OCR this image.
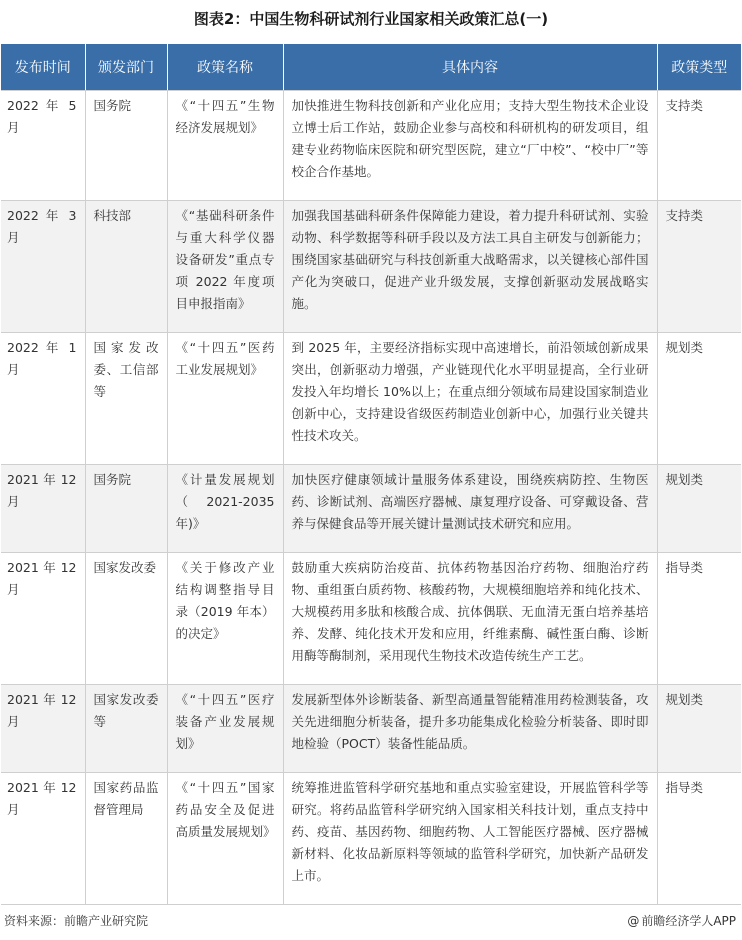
图表2：中国生物科研试剂行业国家相关政策汇总(一)
发布时间	颁发部门	政策名称	具体内容	政策类型
2022 年 5 月	国务院	《“十四五”生物经济发展规划》	加快推进生物科技创新和产业化应用；支持大型生物技术企业设立博士后工作站，鼓励企业参与高校和科研机构的研发项目，组建专业药物临床医院和研究型医院，建立“厂中校”、“校中厂”等校企合作基地。	支持类
2022 年 3 月	科技部	《“基础科研条件与重大科学仪器设备研发”重点专项 2022 年度项目申报指南》	加强我国基础科研条件保障能力建设，着力提升科研试剂、实验动物、科学数据等科研手段以及方法工具自主研发与创新能力；围绕国家基础研究与科技创新重大战略需求，以关键核心部件国产化为突破口，促进产业升级发展，支撑创新驱动发展战略实施。	支持类
2022 年 1 月	国家发改委、工信部等	《“十四五”医药工业发展规划》	到 2025 年，主要经济指标实现中高速增长，前沿领域创新成果突出，创新驱动力增强，产业链现代化水平明显提高，全行业研发投入年均增长 10%以上；在重点细分领域布局建设国家制造业创新中心，支持建设省级医药制造业创新中心，加强行业关键共性技术攻关。	规划类
2021 年 12 月	国务院	《计量发展规划（ 2021-2035 年)》	加快医疗健康领域计量服务体系建设，围绕疾病防控、生物医药、诊断试剂、高端医疗器械、康复理疗设备、可穿戴设备、营养与保健食品等开展关键计量测试技术研究和应用。	规划类
2021 年 12 月	国家发改委	《关于修改产业结构调整指导目录（2019 年本）的决定》	鼓励重大疾病防治疫苗、抗体药物基因治疗药物、细胞治疗药物、重组蛋白质药物、核酸药物，大规模细胞培养和纯化技术、大规模药用多肽和核酸合成、抗体偶联、无血清无蛋白培养基培养、发酵、纯化技术开发和应用，纤维素酶、碱性蛋白酶、诊断用酶等酶制剂，采用现代生物技术改造传统生产工艺。	指导类
2021 年 12 月	国家发改委等	《“十四五”医疗装备产业发展规划》	发展新型体外诊断装备、新型高通量智能精准用药检测装备，攻关先进细胞分析装备，提升多功能集成化检验分析装备、即时即地检验（POCT）装备性能品质。	规划类
2021 年 12 月	国家药品监督管理局	《“十四五”国家药品安全及促进高质量发展规划》	统筹推进监管科学研究基地和重点实验室建设，开展监管科学等研究。将药品监管科学研究纳入国家相关科技计划，重点支持中药、疫苗、基因药物、细胞药物、人工智能医疗器械、医疗器械新材料、化妆品新原料等领域的监管科学研究，加快新产品研发上市。	指导类
资料来源：前瞻产业研究院	@ 前瞻经济学人APP
